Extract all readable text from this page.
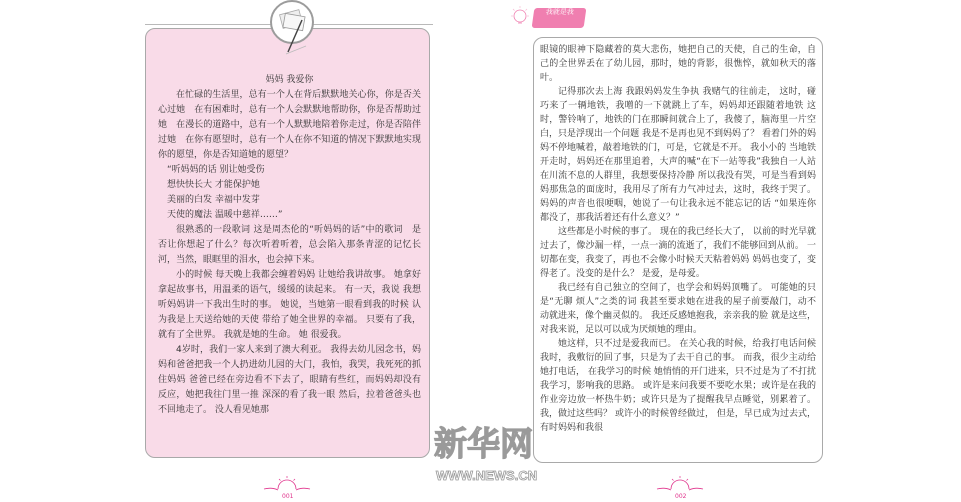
妈妈 我爱你

在忙碌的生活里，总有一个人在背后默默地关心你，你是否关心过她　在有困难时，总有一个人会默默地帮助你，你是否帮助过她　在漫长的道路中，总有一个人默默地陪着你走过，你是否陪伴过她　在你有愿望时，总有一个人在你不知道的情况下默默地实现你的愿望，你是否知道她的愿望？

“听妈妈的话 别让她受伤

想快快长大 才能保护她

美丽的白发 幸福中发芽

天使的魔法 温暖中慈祥……”

很熟悉的一段歌词 这是周杰伦的“听妈妈的话”中的歌词　是否让你想起了什么？每次听着听着，总会陷入那条青涩的记忆长河，当然，眼眶里的泪水，也会掉下来。

小的时候 每天晚上我都会缠着妈妈 让她给我讲故事。 她拿好拿起故事书，用温柔的语气，缓缓的读起来。 有一天，我说 我想听妈妈讲一下我出生时的事。 她说，当她第一眼看到我的时候 认为我是上天送给她的天使 带给了她全世界的幸福。 只要有了我，就有了全世界。 我就是她的生命。 她 很爱我。

4岁时，我们一家人来到了澳大利亚。 我得去幼儿园念书，妈妈和爸爸把我一个人扔进幼儿园的大门，我怕，我哭，我死死的抓住妈妈 爸爸已经在旁边看不下去了，眼睛有些红，而妈妈却没有反应，她把我往门里一推 深深的看了我一眼 然后，拉着爸爸头也不回地走了。 没人看见她那

眼镜的眼神下隐藏着的莫大悲伤，她把自己的天使，自己的生命，自己的全世界丢在了幼儿园，那时，她的背影，很憔悴，就如秋天的落叶。

记得那次去上海 我跟妈妈发生争执 我赌气的往前走， 这时，碰巧来了一辆地铁，我噌的一下就跳上了车，妈妈却还跟随着地铁 这时，警铃响了，地铁的门在那瞬间就合上了，我傻了，脑海里一片空白，只是浮现出一个问题 我是不是再也见不到妈妈了？ 看着门外的妈妈不停地喊着，敲着地铁的门，可是，它就是不开。 我小小的 当地铁开走时，妈妈还在那里追着，大声的喊“在下一站等我”我独自一人站在川流不息的人群里，我想要保持冷静 所以我没有哭，可是当看到妈妈那焦急的面庞时，我用尽了所有力气冲过去，这时，我终于哭了。 妈妈的声音也很哽咽，她说了一句让我永远不能忘记的话 “如果连你都没了，那我活着还有什么意义？”

这些都是小时候的事了。 现在的我已经长大了， 以前的时光早就过去了，像沙漏一样，一点一滴的流逝了，我们不能够回到从前。 一切都在变，我变了，再也不会像小时候天天粘着妈妈 妈妈也变了，变得老了。没变的是什么？ 是爱，是母爱。

我已经有自己独立的空间了，也学会和妈妈顶嘴了。 可能她的只是“无聊 烦人”之类的词 我甚至要求她在进我的屋子前要敲门，动不动就进来，像个幽灵似的。 我还反感她抱我，亲亲我的脸 就是这些，对我来说，足以可以成为厌烦她的理由。

她这样，只不过是爱我而已。 在关心我的时候，给我打电话问候我时，我敷衍的回了事，只是为了去干自己的事。 而我，很少主动给她打电话， 在我学习的时候 她悄悄的开门进来，只不过是为了不打扰我学习，影响我的思路。 或许是来问我要不要吃水果；或许是在我的作业旁边放一杯热牛奶；或许只是为了提醒我早点睡觉，别累着了。 我，做过这些吗？ 或许小的时候曾经做过， 但是，早已成为过去式， 有时妈妈和我很

我就是我
001	002
新华网
WWW.NEWS.CN
